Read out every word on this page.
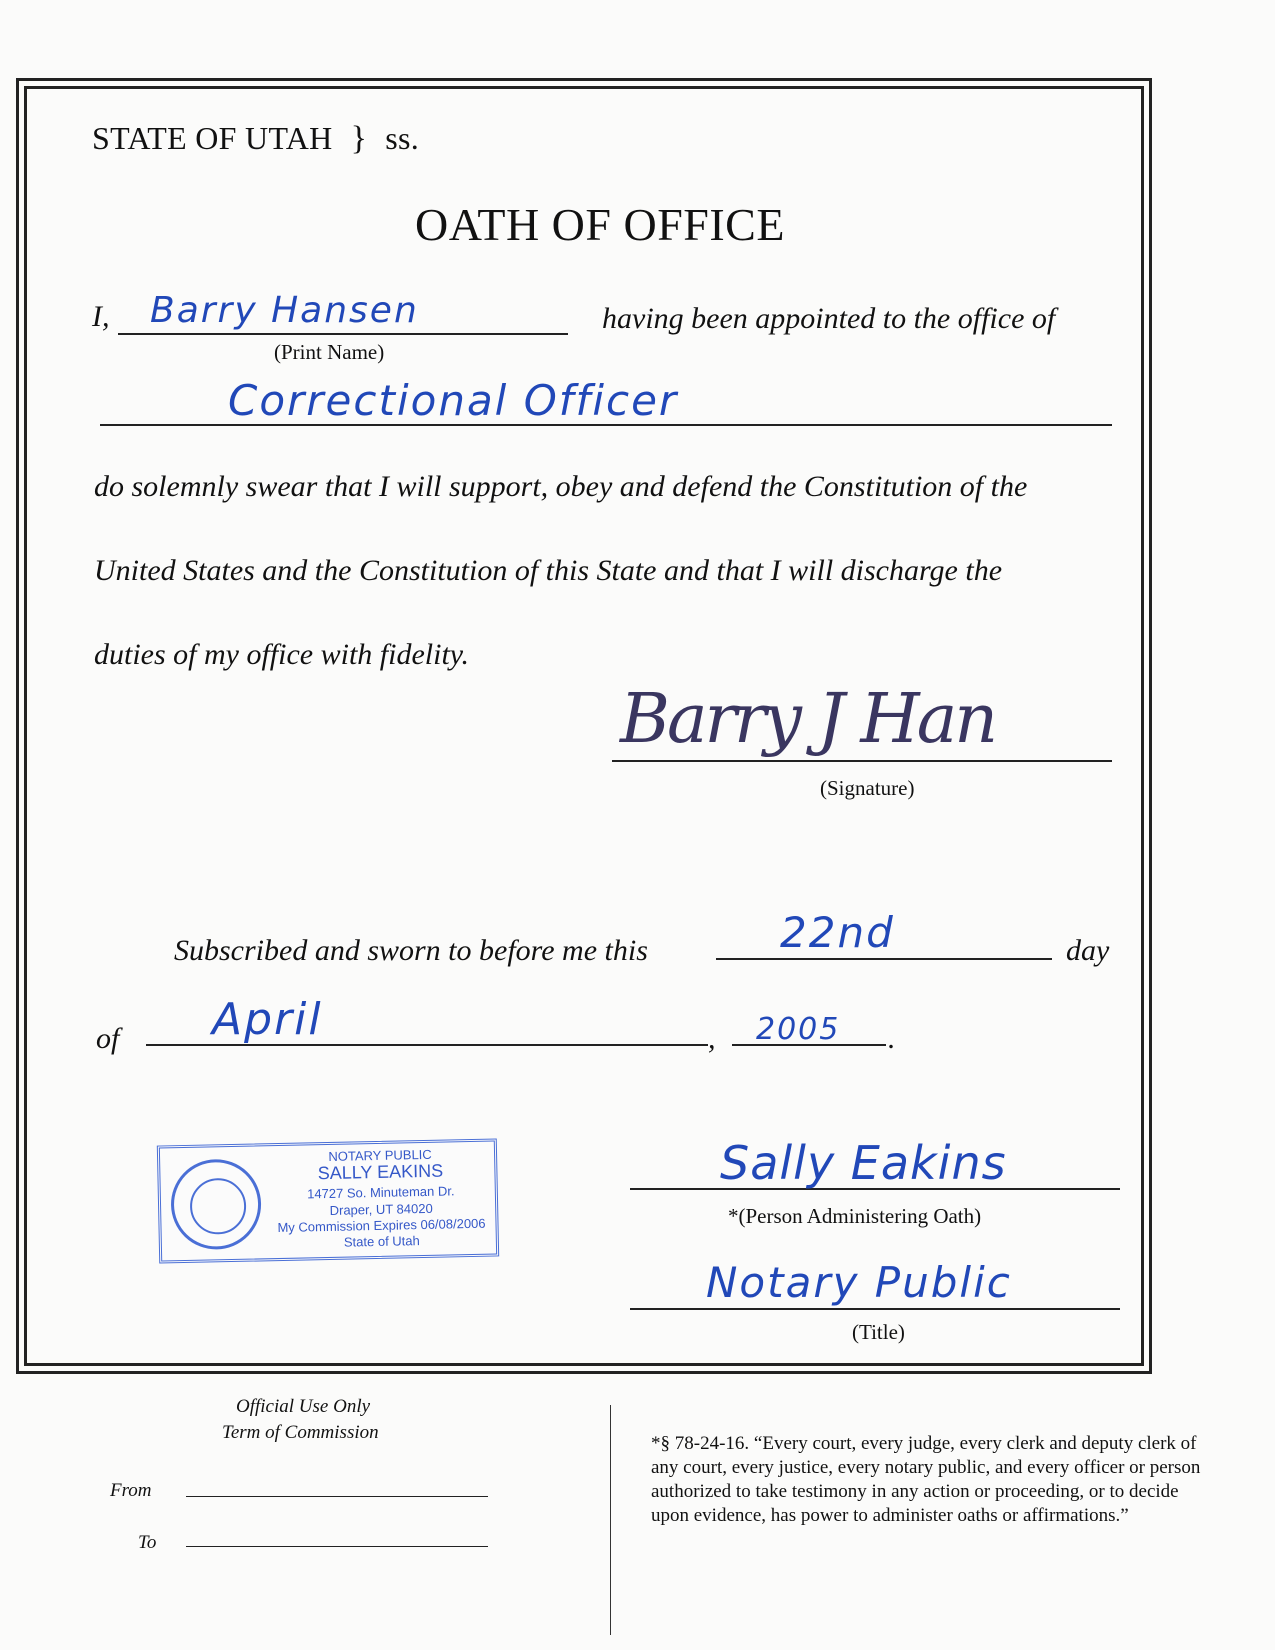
STATE OF UTAH } ss.
OATH OF OFFICE
I, Barry Hansen
(Print Name)
having been appointed to the office of
Correctional Officer
do solemnly swear that I will support, obey and defend the Constitution of the
United States and the Constitution of this State and that I will discharge the
duties of my office with fidelity.
Barry J Han
(Signature)
Subscribed and sworn to before me this	22nd	day
of April	, 2005 .
NOTARY PUBLIC
SALLY EAKINS
14727 So. Minuteman Dr.
Draper, UT 84020
My Commission Expires 06/08/2006
State of Utah
Sally Eakins
*(Person Administering Oath)
Notary Public
(Title)
Official Use Only
Term of Commission
From
To
*§ 78-24-16. “Every court, every judge, every clerk and deputy clerk of any court, every justice, every notary public, and every officer or person authorized to take testimony in any action or proceeding, or to decide upon evidence, has power to administer oaths or affirmations.”
